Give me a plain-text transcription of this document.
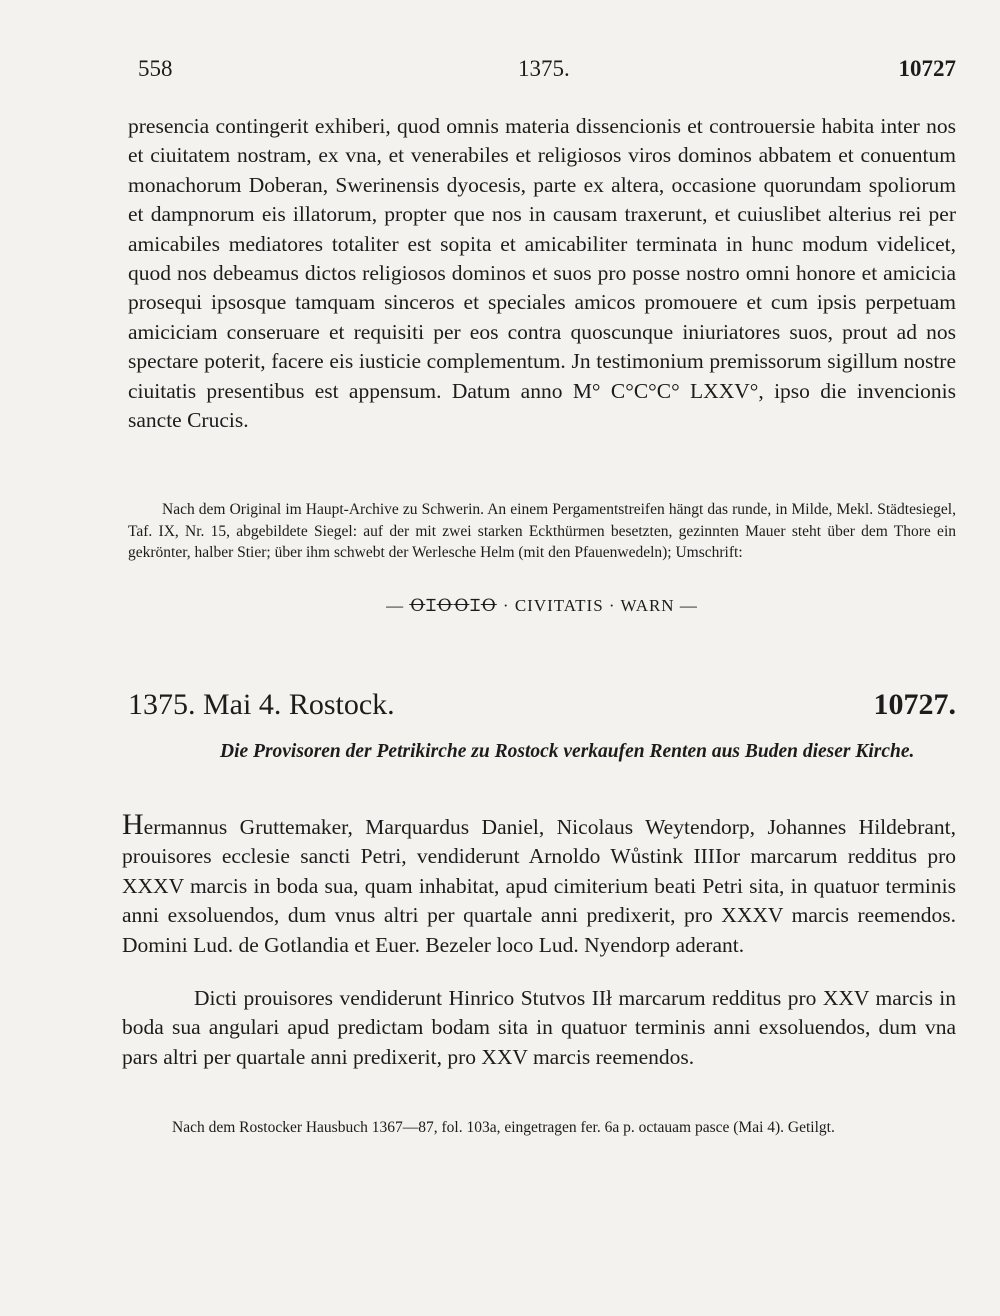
558	1375.	10727

presencia contingerit exhiberi, quod omnis materia dissencionis et controuersie habita inter nos et ciuitatem nostram, ex vna, et venerabiles et religiosos viros dominos abbatem et conuentum monachorum Doberan, Swerinensis dyocesis, parte ex altera, occasione quorundam spoliorum et dampnorum eis illatorum, propter que nos in causam traxerunt, et cuiuslibet alterius rei per amicabiles mediatores totaliter est sopita et amicabiliter terminata in hunc modum videlicet, quod nos debeamus dictos religiosos dominos et suos pro posse nostro omni honore et amicicia prosequi ipsosque tamquam sinceros et speciales amicos promouere et cum ipsis perpetuam amiciciam conseruare et requisiti per eos contra quoscunque iniuriatores suos, prout ad nos spectare poterit, facere eis iusticie complementum. Jn testimonium premissorum sigillum nostre ciuitatis presentibus est appensum. Datum anno M° C°C°C° LXXV°, ipso die invencionis sancte Crucis.

Nach dem Original im Haupt-Archive zu Schwerin. An einem Pergamentstreifen hängt das runde, in Milde, Mekl. Städtesiegel, Taf. IX, Nr. 15, abgebildete Siegel: auf der mit zwei starken Eckthürmen besetzten, gezinnten Mauer steht über dem Thore ein gekrönter, halber Stier; über ihm schwebt der Werlesche Helm (mit den Pfauenwedeln); Umschrift:

— ꝊꞮꝊꝊꞮꝊ · CIVITATIS · WARN —
1375. Mai 4. Rostock.	10727.

Die Provisoren der Petrikirche zu Rostock verkaufen Renten aus Buden dieser Kirche.

Hermannus Gruttemaker, Marquardus Daniel, Nicolaus Weytendorp, Johannes Hildebrant, prouisores ecclesie sancti Petri, vendiderunt Arnoldo Wůstink IIIIor marcarum redditus pro XXXV marcis in boda sua, quam inhabitat, apud cimiterium beati Petri sita, in quatuor terminis anni exsoluendos, dum vnus altri per quartale anni predixerit, pro XXXV marcis reemendos. Domini Lud. de Gotlandia et Euer. Bezeler loco Lud. Nyendorp aderant.

Dicti prouisores vendiderunt Hinrico Stutvos IIł marcarum redditus pro XXV marcis in boda sua angulari apud predictam bodam sita in quatuor terminis anni exsoluendos, dum vna pars altri per quartale anni predixerit, pro XXV marcis reemendos.

Nach dem Rostocker Hausbuch 1367—87, fol. 103a, eingetragen fer. 6a p. octauam pasce (Mai 4). Getilgt.
